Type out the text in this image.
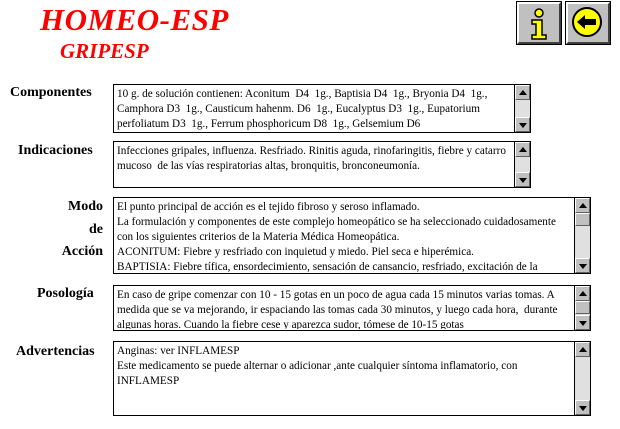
HOMEO-ESP
GRIPESP
Componentes 10 g. de solución contienen: Aconitum  D4  1g., Baptisia D4  1g., Bryonia D4  1g., Camphora D3  1g., Causticum hahenm. D6  1g., Eucalyptus D3  1g., Eupatorium perfoliatum D3  1g., Ferrum phosphoricum D8  1g., Gelsemium D6
Indicaciones Infecciones gripales, influenza. Resfriado. Rinitis aguda, rinofaringitis, fiebre y catarro mucoso  de las vías respiratorias altas, bronquitis, bronconeumonía.
Modo
de
Acción
El punto principal de acción es el tejido fibroso y seroso inflamado.
La formulación y componentes de este complejo homeopático se ha seleccionado cuidadosamente con los siguientes criterios de la Materia Médica Homeopática.
ACONITUM: Fiebre y resfriado con inquietud y miedo. Piel seca e hiperémica.
BAPTISIA: Fiebre tífica, ensordecimiento, sensación de cansancio, resfriado, excitación de la
Posología En caso de gripe comenzar con 10 - 15 gotas en un poco de agua cada 15 minutos varias tomas. A medida que se va mejorando, ir espaciando las tomas cada 30 minutos, y luego cada hora,  durante algunas horas. Cuando la fiebre cese y aparezca sudor, tómese de 10-15 gotas
Advertencias Anginas: ver INFLAMESP
Este medicamento se puede alternar o adicionar ,ante cualquier síntoma inflamatorio, con INFLAMESP
